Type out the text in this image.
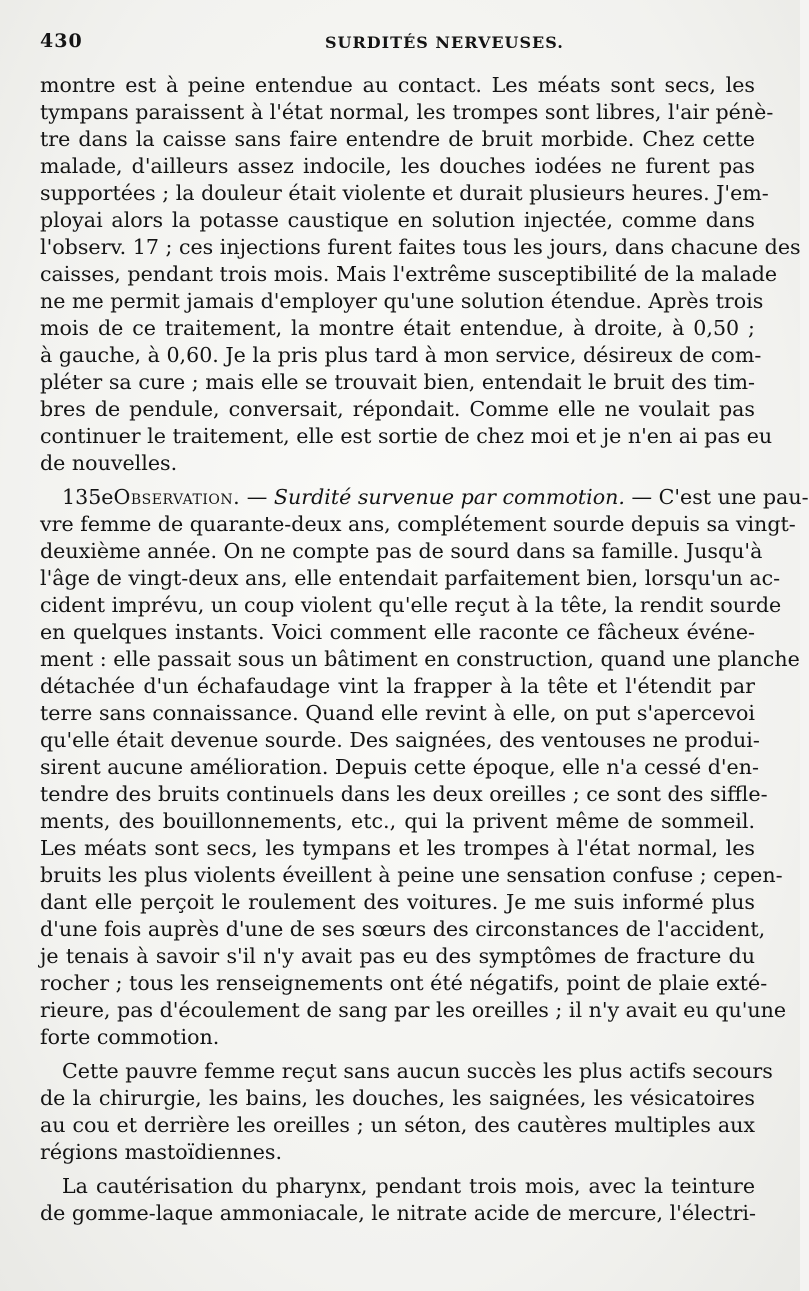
430	SURDITÉS NERVEUSES.
montre est à peine entendue au contact. Les méats sont secs, les
tympans paraissent à l'état normal, les trompes sont libres, l'air pénè-
tre dans la caisse sans faire entendre de bruit morbide. Chez cette
malade, d'ailleurs assez indocile, les douches iodées ne furent pas
supportées ; la douleur était violente et durait plusieurs heures. J'em-
ployai alors la potasse caustique en solution injectée, comme dans
l'observ. 17 ; ces injections furent faites tous les jours, dans chacune des
caisses, pendant trois mois. Mais l'extrême susceptibilité de la malade
ne me permit jamais d'employer qu'une solution étendue. Après trois
mois de ce traitement, la montre était entendue, à droite, à 0,50 ;
à gauche, à 0,60. Je la pris plus tard à mon service, désireux de com-
pléter sa cure ; mais elle se trouvait bien, entendait le bruit des tim-
bres de pendule, conversait, répondait. Comme elle ne voulait pas
continuer le traitement, elle est sortie de chez moi et je n'en ai pas eu
de nouvelles.
135eObservation. — Surdité survenue par commotion. — C'est une pau-
vre femme de quarante-deux ans, complétement sourde depuis sa vingt-
deuxième année. On ne compte pas de sourd dans sa famille. Jusqu'à
l'âge de vingt-deux ans, elle entendait parfaitement bien, lorsqu'un ac-
cident imprévu, un coup violent qu'elle reçut à la tête, la rendit sourde
en quelques instants. Voici comment elle raconte ce fâcheux événe-
ment : elle passait sous un bâtiment en construction, quand une planche
détachée d'un échafaudage vint la frapper à la tête et l'étendit par
terre sans connaissance. Quand elle revint à elle, on put s'apercevoi
qu'elle était devenue sourde. Des saignées, des ventouses ne produi-
sirent aucune amélioration. Depuis cette époque, elle n'a cessé d'en-
tendre des bruits continuels dans les deux oreilles ; ce sont des siffle-
ments, des bouillonnements, etc., qui la privent même de sommeil.
Les méats sont secs, les tympans et les trompes à l'état normal, les
bruits les plus violents éveillent à peine une sensation confuse ; cepen-
dant elle perçoit le roulement des voitures. Je me suis informé plus
d'une fois auprès d'une de ses sœurs des circonstances de l'accident,
je tenais à savoir s'il n'y avait pas eu des symptômes de fracture du
rocher ; tous les renseignements ont été négatifs, point de plaie exté-
rieure, pas d'écoulement de sang par les oreilles ; il n'y avait eu qu'une
forte commotion.
Cette pauvre femme reçut sans aucun succès les plus actifs secours
de la chirurgie, les bains, les douches, les saignées, les vésicatoires
au cou et derrière les oreilles ; un séton, des cautères multiples aux
régions mastoïdiennes.
La cautérisation du pharynx, pendant trois mois, avec la teinture
de gomme-laque ammoniacale, le nitrate acide de mercure, l'électri-
